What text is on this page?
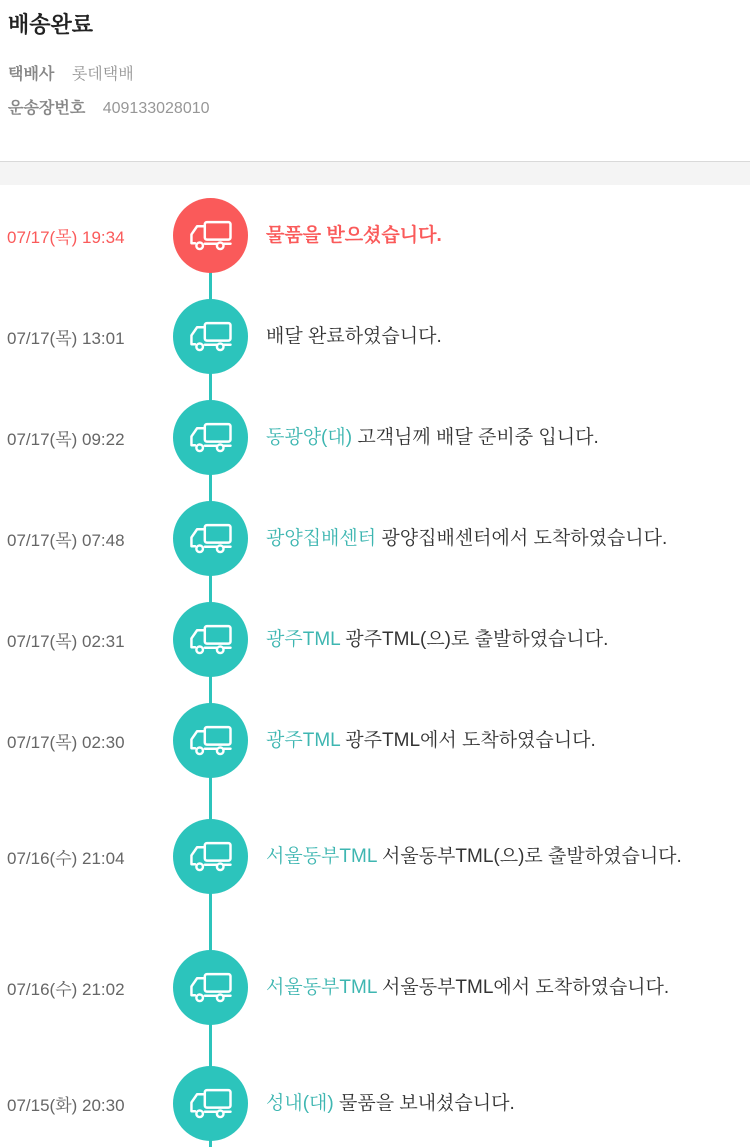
배송완료
택배사 롯데택배
운송장번호 409133028010
07/17(목) 19:34	물품을 받으셨습니다.
07/17(목) 13:01	배달 완료하였습니다.
07/17(목) 09:22	동광양(대) 고객님께 배달 준비중 입니다.
07/17(목) 07:48	광양집배센터 광양집배센터에서 도착하였습니다.
07/17(목) 02:31	광주TML 광주TML(으)로 출발하였습니다.
07/17(목) 02:30	광주TML 광주TML에서 도착하였습니다.
07/16(수) 21:04	서울동부TML 서울동부TML(으)로 출발하였습니다.
07/16(수) 21:02	서울동부TML 서울동부TML에서 도착하였습니다.
07/15(화) 20:30	성내(대) 물품을 보내셨습니다.
